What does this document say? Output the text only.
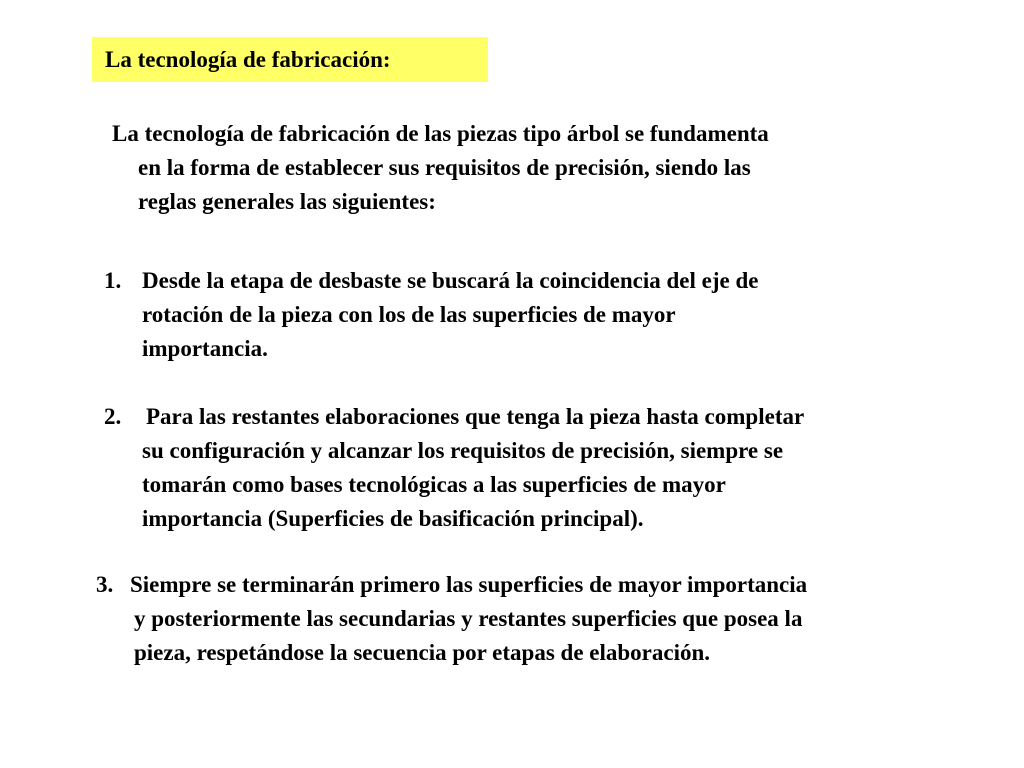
La tecnología de fabricación:
La tecnología de fabricación de las piezas tipo árbol se fundamenta
en la forma de establecer sus requisitos de precisión, siendo las
reglas generales las siguientes:
1. Desde la etapa de desbaste se buscará la coincidencia del eje de
rotación de la pieza con los de las superficies de mayor
importancia.
2. Para las restantes elaboraciones que tenga la pieza hasta completar
su configuración y alcanzar los requisitos de precisión, siempre se
tomarán como bases tecnológicas a las superficies de mayor
importancia (Superficies de basificación principal).
3. Siempre se terminarán primero las superficies de mayor importancia
y posteriormente las secundarias y restantes superficies que posea la
pieza, respetándose la secuencia por etapas de elaboración.
